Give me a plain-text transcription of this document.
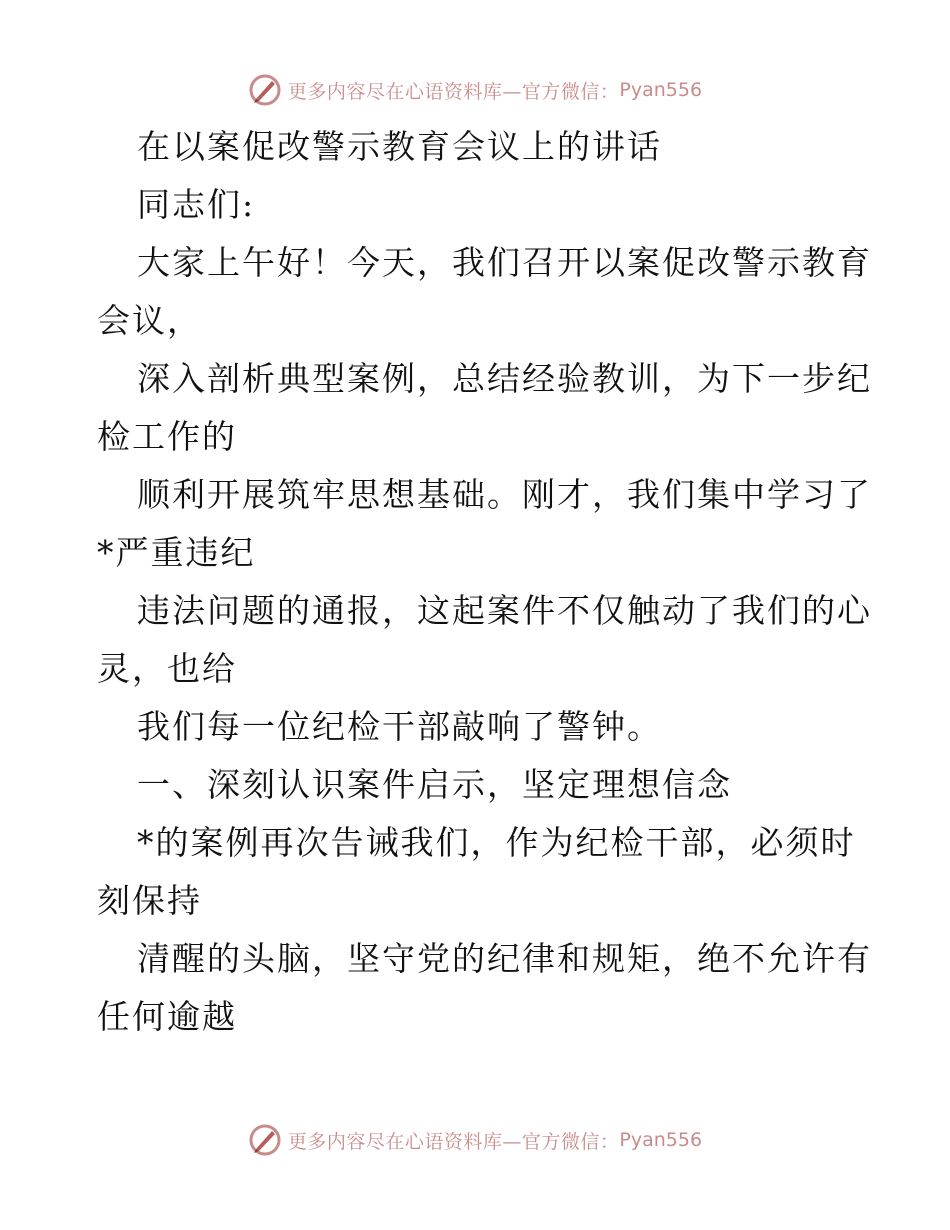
更多内容尽在心语资料库—官方微信： Pyan556
在以案促改警示教育会议上的讲话
同志们:
大家上午好！今天，我们召开以案促改警示教育
会议，
深入剖析典型案例，总结经验教训，为下一步纪
检工作的
顺利开展筑牢思想基础。刚才，我们集中学习了
*严重违纪
违法问题的通报，这起案件不仅触动了我们的心
灵，也给
我们每一位纪检干部敲响了警钟。
一、深刻认识案件启示，坚定理想信念
*的案例再次告诫我们，作为纪检干部，必须时
刻保持
清醒的头脑，坚守党的纪律和规矩，绝不允许有
任何逾越
更多内容尽在心语资料库—官方微信： Pyan556
